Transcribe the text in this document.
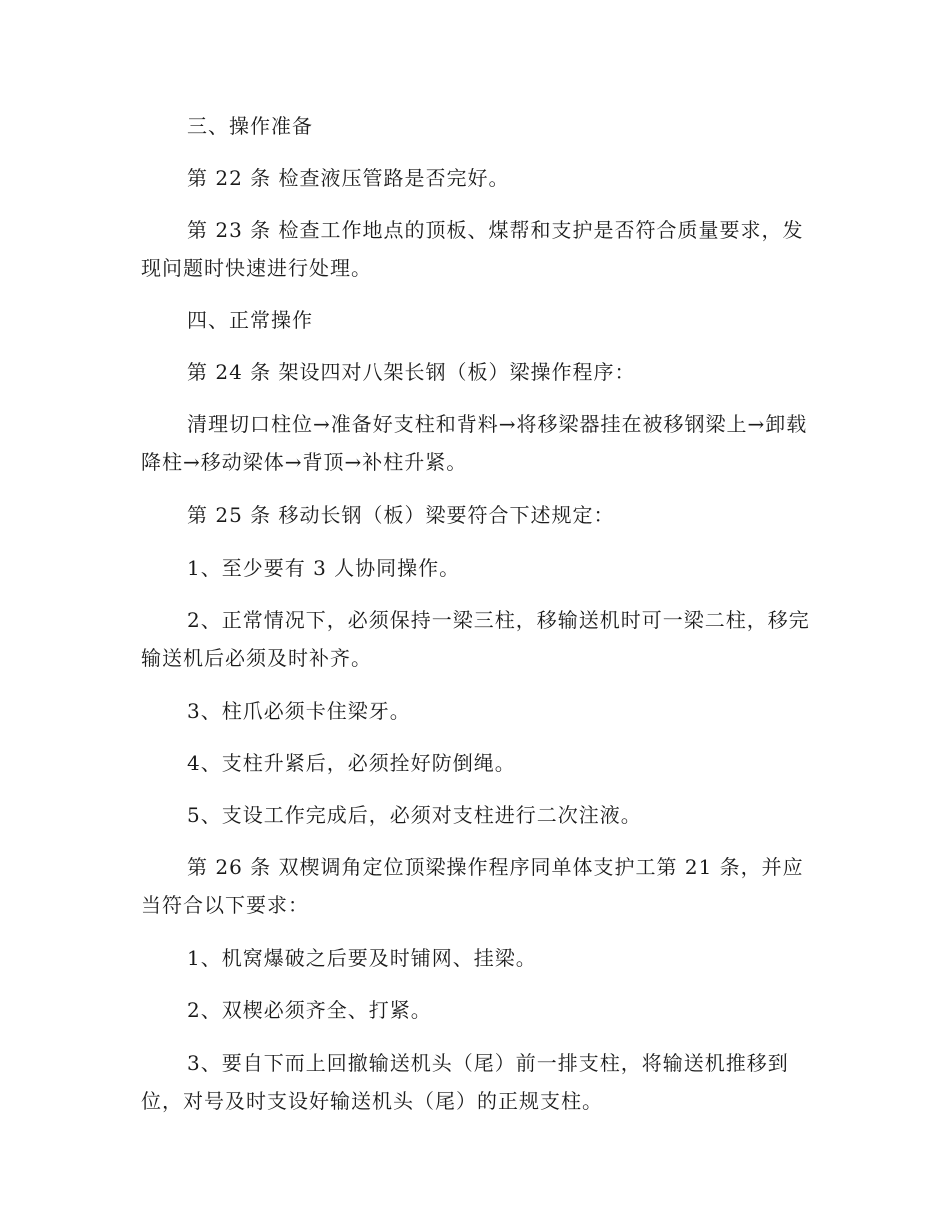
三、操作准备
第 22 条 检查液压管路是否完好。
第 23 条 检查工作地点的顶板、煤帮和支护是否符合质量要求，发现问题时快速进行处理。
四、正常操作
第 24 条 架设四对八架长钢（板）梁操作程序：
清理切口柱位→准备好支柱和背料→将移梁器挂在被移钢梁上→卸载降柱→移动梁体→背顶→补柱升紧。
第 25 条 移动长钢（板）梁要符合下述规定：
1、至少要有 3 人协同操作。
2、正常情况下，必须保持一梁三柱，移输送机时可一梁二柱，移完输送机后必须及时补齐。
3、柱爪必须卡住梁牙。
4、支柱升紧后，必须拴好防倒绳。
5、支设工作完成后，必须对支柱进行二次注液。
第 26 条 双楔调角定位顶梁操作程序同单体支护工第 21 条，并应当符合以下要求：
1、机窝爆破之后要及时铺网、挂梁。
2、双楔必须齐全、打紧。
3、要自下而上回撤输送机头（尾）前一排支柱，将输送机推移到位，对号及时支设好输送机头（尾）的正规支柱。
